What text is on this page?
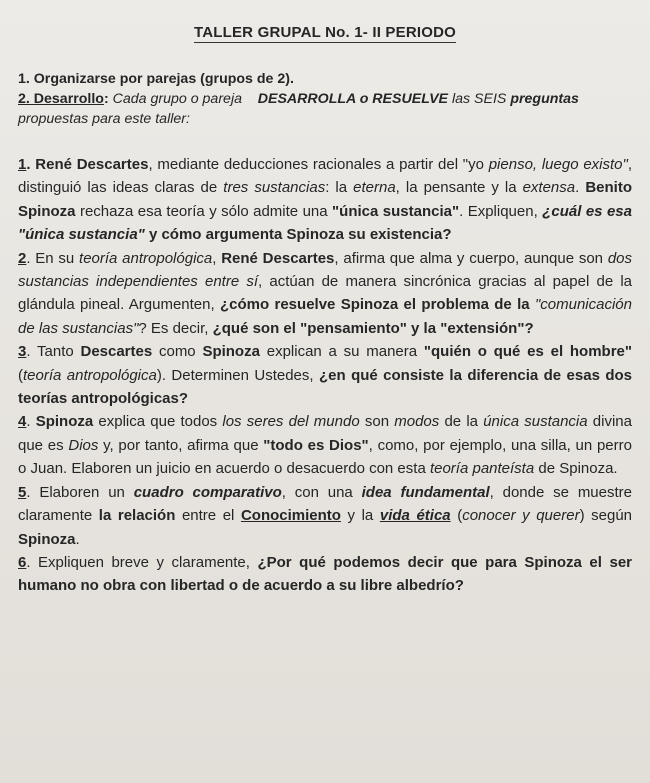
TALLER GRUPAL No. 1- II PERIODO

1. Organizarse por parejas (grupos de 2).

2. Desarrollo: Cada grupo o pareja DESARROLLA o RESUELVE las SEIS preguntas propuestas para este taller:

1. René Descartes, mediante deducciones racionales a partir del "yo pienso, luego existo", distinguió las ideas claras de tres sustancias: la eterna, la pensante y la extensa. Benito Spinoza rechaza esa teoría y sólo admite una "única sustancia". Expliquen, ¿cuál es esa "única sustancia" y cómo argumenta Spinoza su existencia?

2. En su teoría antropológica, René Descartes, afirma que alma y cuerpo, aunque son dos sustancias independientes entre sí, actúan de manera sincrónica gracias al papel de la glándula pineal. Argumenten, ¿cómo resuelve Spinoza el problema de la "comunicación de las sustancias"? Es decir, ¿qué son el "pensamiento" y la "extensión"?

3. Tanto Descartes como Spinoza explican a su manera "quién o qué es el hombre" (teoría antropológica). Determinen Ustedes, ¿en qué consiste la diferencia de esas dos teorías antropológicas?

4. Spinoza explica que todos los seres del mundo son modos de la única sustancia divina que es Dios y, por tanto, afirma que "todo es Dios", como, por ejemplo, una silla, un perro o Juan. Elaboren un juicio en acuerdo o desacuerdo con esta teoría panteísta de Spinoza.

5. Elaboren un cuadro comparativo, con una idea fundamental, donde se muestre claramente la relación entre el Conocimiento y la vida ética (conocer y querer) según Spinoza.

6. Expliquen breve y claramente, ¿Por qué podemos decir que para Spinoza el ser humano no obra con libertad o de acuerdo a su libre albedrío?
